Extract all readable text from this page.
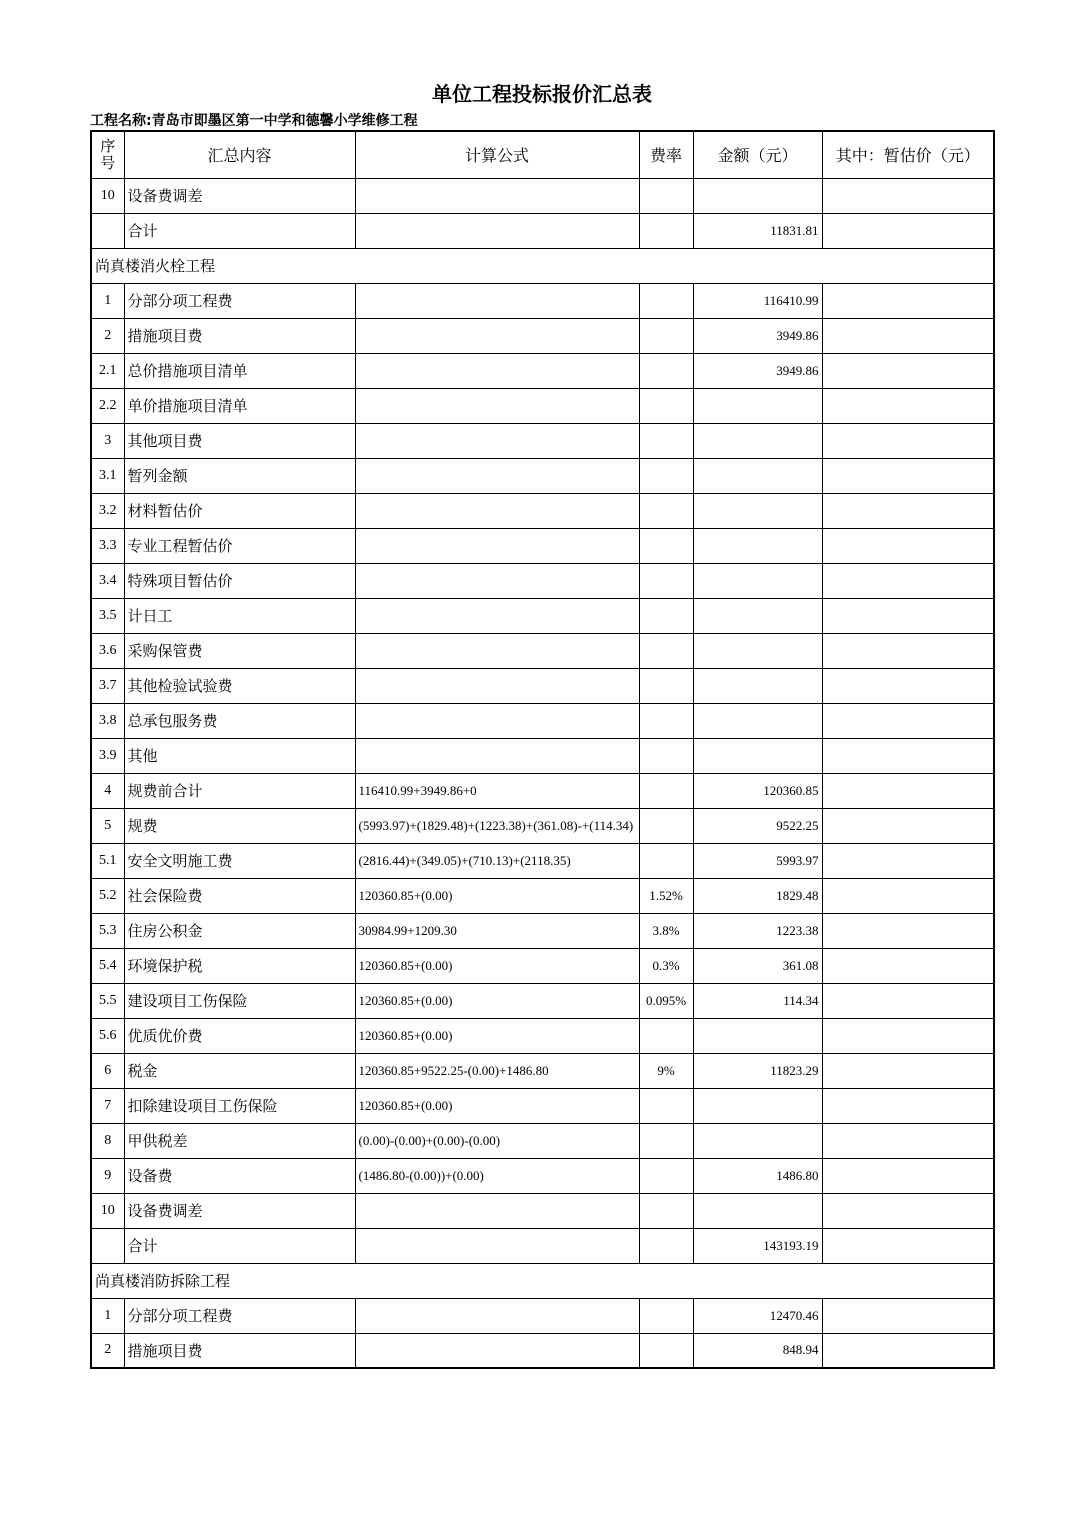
单位工程投标报价汇总表
工程名称:青岛市即墨区第一中学和德馨小学维修工程
序号	汇总内容	计算公式	费率	金额（元）	其中：暂估价（元）
10	设备费调差				
	合计			11831.81	
尚真楼消火栓工程					
1	分部分项工程费			116410.99	
2	措施项目费			3949.86	
2.1	总价措施项目清单			3949.86	
2.2	单价措施项目清单				
3	其他项目费				
3.1	暂列金额				
3.2	材料暂估价				
3.3	专业工程暂估价				
3.4	特殊项目暂估价				
3.5	计日工				
3.6	采购保管费				
3.7	其他检验试验费				
3.8	总承包服务费				
3.9	其他				
4	规费前合计	116410.99+3949.86+0		120360.85	
5	规费	(5993.97)+(1829.48)+(1223.38)+(361.08)-+(114.34)		9522.25	
5.1	安全文明施工费	(2816.44)+(349.05)+(710.13)+(2118.35)		5993.97	
5.2	社会保险费	120360.85+(0.00)	1.52%	1829.48	
5.3	住房公积金	30984.99+1209.30	3.8%	1223.38	
5.4	环境保护税	120360.85+(0.00)	0.3%	361.08	
5.5	建设项目工伤保险	120360.85+(0.00)	0.095%	114.34	
5.6	优质优价费	120360.85+(0.00)			
6	税金	120360.85+9522.25-(0.00)+1486.80	9%	11823.29	
7	扣除建设项目工伤保险	120360.85+(0.00)			
8	甲供税差	(0.00)-(0.00)+(0.00)-(0.00)			
9	设备费	(1486.80-(0.00))+(0.00)		1486.80	
10	设备费调差				
	合计			143193.19	
尚真楼消防拆除工程					
1	分部分项工程费			12470.46	
2	措施项目费			848.94	
